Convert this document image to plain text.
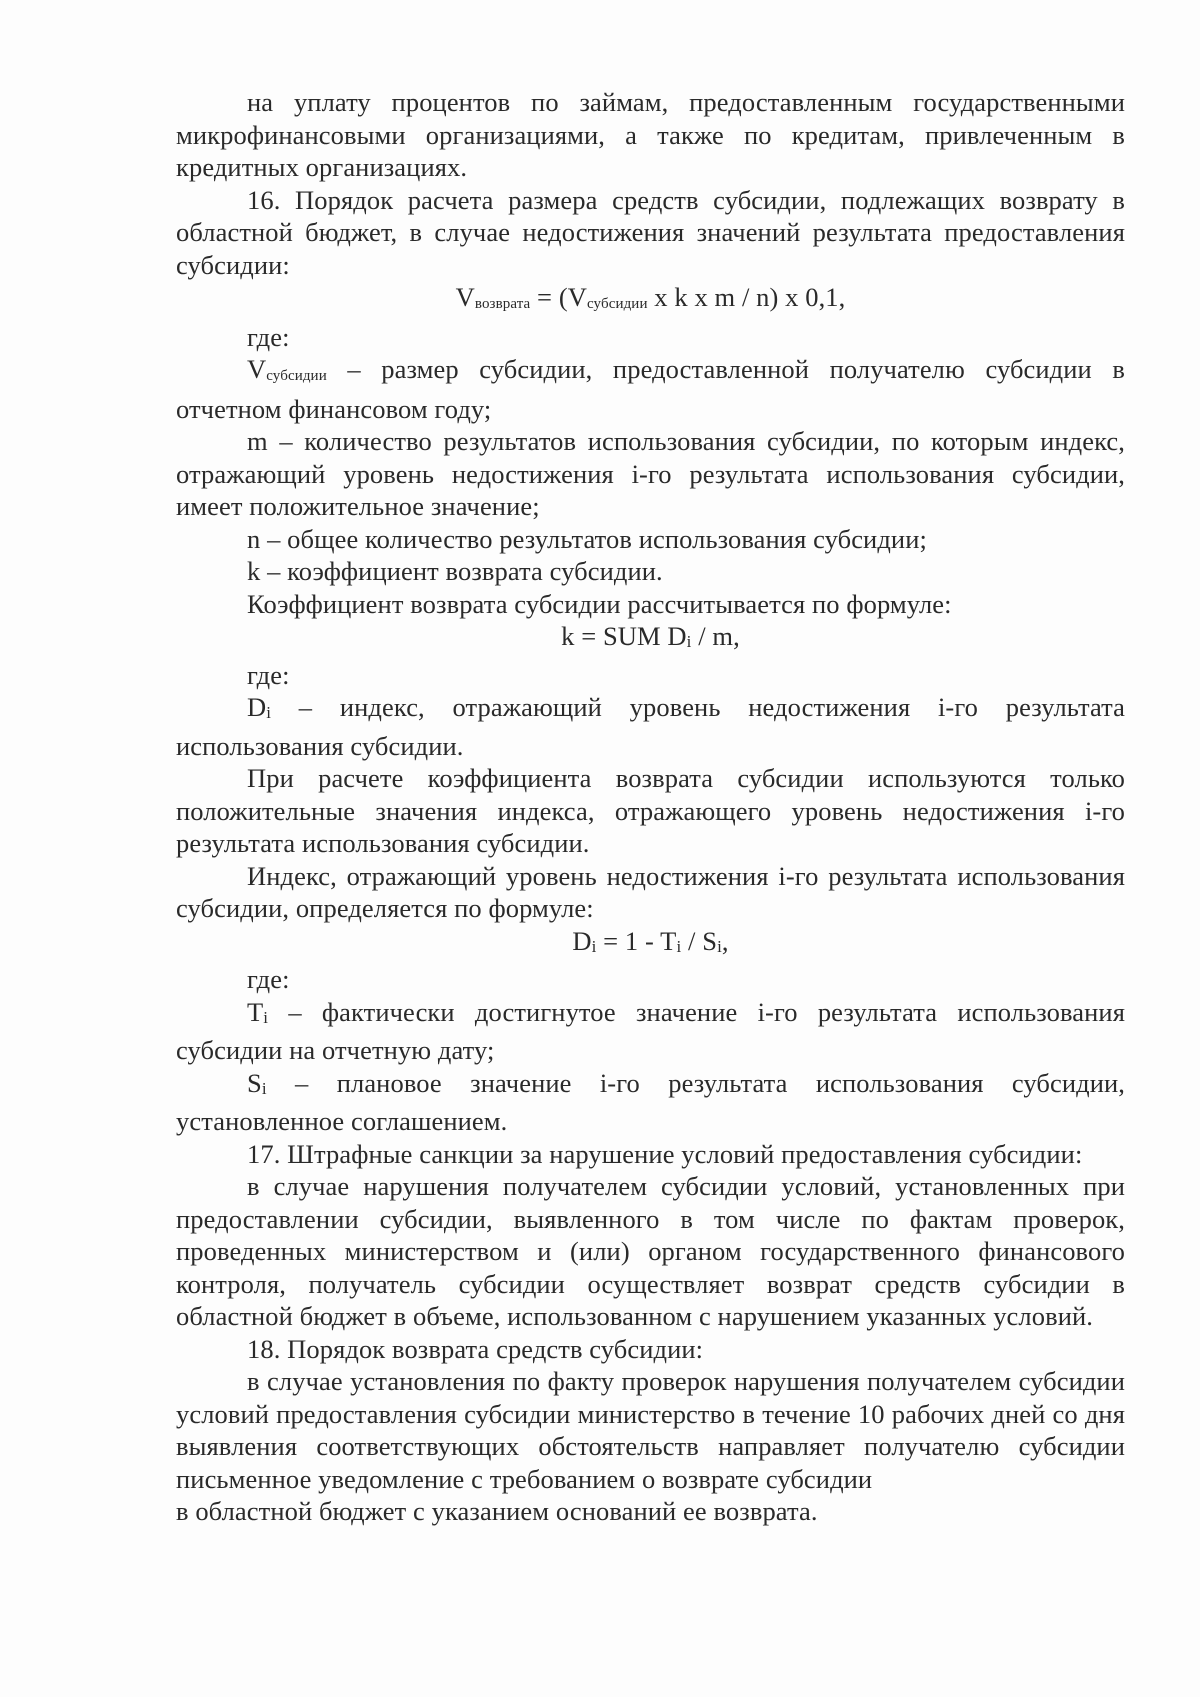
на уплату процентов по займам, предоставленным государственными микрофинансовыми организациями, а также по кредитам, привлеченным в кредитных организациях.

16. Порядок расчета размера средств субсидии, подлежащих возврату в областной бюджет, в случае недостижения значений результата предоставления субсидии:

$V_{возврата} = (V_{субсидии}$ х k х m / n) х 0,1,

где:

$V_{субсидии}$ – размер субсидии, предоставленной получателю субсидии в отчетном финансовом году;

m – количество результатов использования субсидии, по которым индекс, отражающий уровень недостижения i-го результата использования субсидии, имеет положительное значение;

n – общее количество результатов использования субсидии;

k – коэффициент возврата субсидии.

Коэффициент возврата субсидии рассчитывается по формуле:

k = SUM $D_i$ / m,

где:

$D_i$ – индекс, отражающий уровень недостижения i-го результата использования субсидии.

При расчете коэффициента возврата субсидии используются только положительные значения индекса, отражающего уровень недостижения i-го результата использования субсидии.

Индекс, отражающий уровень недостижения i-го результата использования субсидии, определяется по формуле:

$D_i = 1 - T_i / S_i$,

где:

$T_i$ – фактически достигнутое значение i-го результата использования субсидии на отчетную дату;

$S_i$ – плановое значение i-го результата использования субсидии, установленное соглашением.

17. Штрафные санкции за нарушение условий предоставления субсидии:

в случае нарушения получателем субсидии условий, установленных при предоставлении субсидии, выявленного в том числе по фактам проверок, проведенных министерством и (или) органом государственного финансового контроля, получатель субсидии осуществляет возврат средств субсидии в областной бюджет в объеме, использованном с нарушением указанных условий.

18. Порядок возврата средств субсидии:

в случае установления по факту проверок нарушения получателем субсидии условий предоставления субсидии министерство в течение 10 рабочих дней со дня выявления соответствующих обстоятельств направляет получателю субсидии письменное уведомление с требованием о возврате субсидии

в областной бюджет с указанием оснований ее возврата.
